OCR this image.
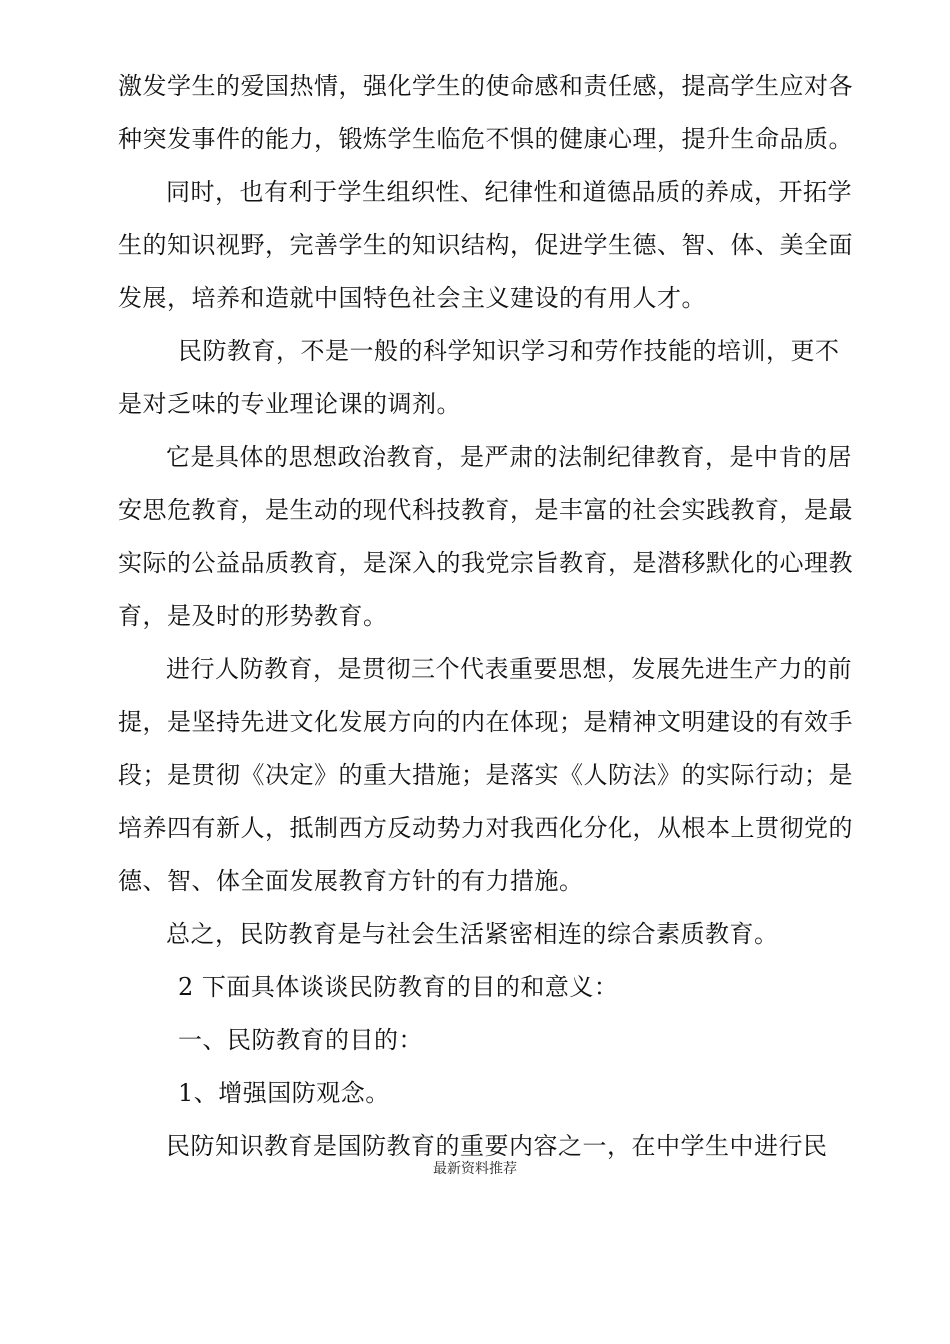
激发学生的爱国热情，强化学生的使命感和责任感，提高学生应对各
种突发事件的能力，锻炼学生临危不惧的健康心理，提升生命品质。
同时，也有利于学生组织性、纪律性和道德品质的养成，开拓学
生的知识视野，完善学生的知识结构，促进学生德、智、体、美全面
发展，培养和造就中国特色社会主义建设的有用人才。
民防教育，不是一般的科学知识学习和劳作技能的培训，更不
是对乏味的专业理论课的调剂。
它是具体的思想政治教育，是严肃的法制纪律教育，是中肯的居
安思危教育，是生动的现代科技教育，是丰富的社会实践教育，是最
实际的公益品质教育，是深入的我党宗旨教育，是潜移默化的心理教
育，是及时的形势教育。
进行人防教育，是贯彻三个代表重要思想，发展先进生产力的前
提，是坚持先进文化发展方向的内在体现；是精神文明建设的有效手
段；是贯彻《决定》的重大措施；是落实《人防法》的实际行动；是
培养四有新人，抵制西方反动势力对我西化分化，从根本上贯彻党的
德、智、体全面发展教育方针的有力措施。
总之，民防教育是与社会生活紧密相连的综合素质教育。
2 下面具体谈谈民防教育的目的和意义：
一、民防教育的目的：
1、增强国防观念。
民防知识教育是国防教育的重要内容之一，在中学生中进行民
最新资料推荐
